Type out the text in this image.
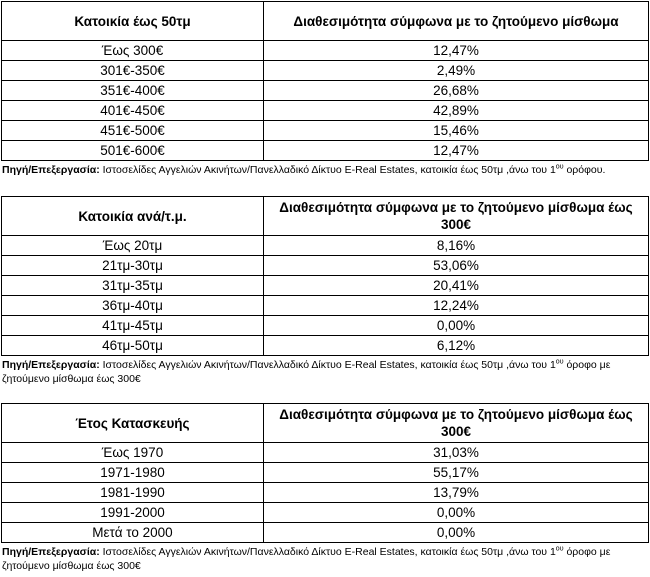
Κατοικία έως 50τμ	Διαθεσιμότητα σύμφωνα με το ζητούμενο μίσθωμα

Έως 300€	12,47%
301€-350€	2,49%
351€-400€	26,68%
401€-450€	42,89%
451€-500€	15,46%
501€-600€	12,47%
Πηγή/Επεξεργασία: Ιστοσελίδες Αγγελιών Ακινήτων/Πανελλαδικό Δίκτυο E-Real Estates, κατοικία έως 50τμ ,άνω του $1^{o\upsilon}$ ορόφου.
Κατοικία ανά/τ.μ.	Διαθεσιμότητα σύμφωνα με το ζητούμενο μίσθωμα έως 300€

Έως 20τμ	8,16%
21τμ-30τμ	53,06%
31τμ-35τμ	20,41%
36τμ-40τμ	12,24%
41τμ-45τμ	0,00%
46τμ-50τμ	6,12%
Πηγή/Επεξεργασία: Ιστοσελίδες Αγγελιών Ακινήτων/Πανελλαδικό Δίκτυο E-Real Estates, κατοικία έως 50τμ ,άνω του $1^{o\upsilon}$ όροφο με ζητούμενο μίσθωμα έως 300€
Έτος Κατασκευής	Διαθεσιμότητα σύμφωνα με το ζητούμενο μίσθωμα έως 300€

Έως 1970	31,03%
1971-1980	55,17%
1981-1990	13,79%
1991-2000	0,00%
Μετά το 2000	0,00%
Πηγή/Επεξεργασία: Ιστοσελίδες Αγγελιών Ακινήτων/Πανελλαδικό Δίκτυο E-Real Estates, κατοικία έως 50τμ ,άνω του $1^{o\upsilon}$ όροφο με ζητούμενο μίσθωμα έως 300€
